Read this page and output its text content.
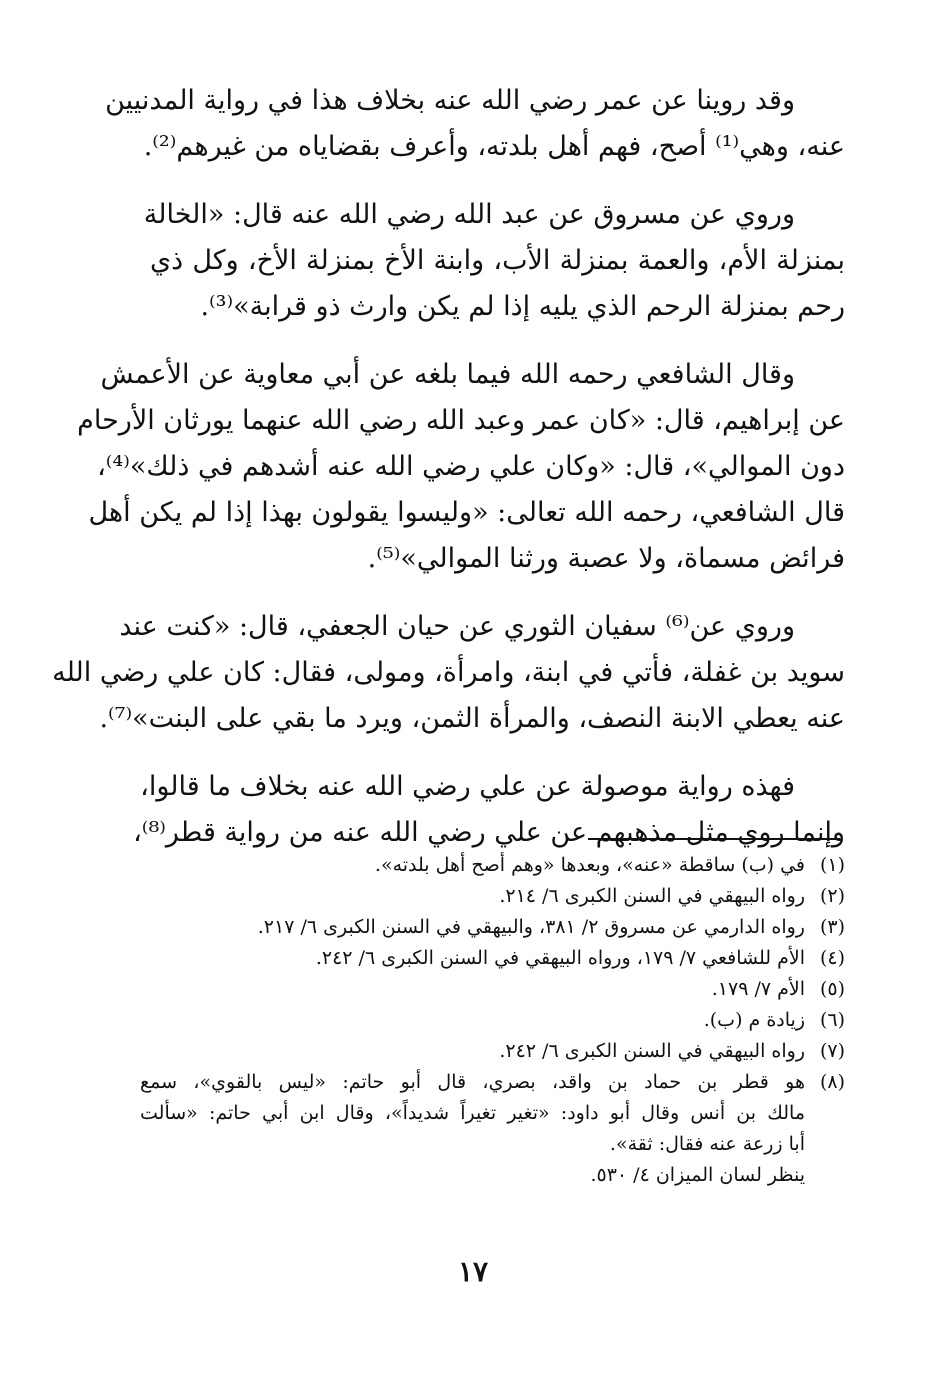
وقد روينا عن عمر رضي الله عنه بخلاف هذا في رواية المدنيين
عنه، وهي⁽¹⁾ أصح، فهم أهل بلدته، وأعرف بقضاياه من غيرهم⁽²⁾.
وروي عن مسروق عن عبد الله رضي الله عنه قال: «الخالة
بمنزلة الأم، والعمة بمنزلة الأب، وابنة الأخ بمنزلة الأخ، وكل ذي
رحم بمنزلة الرحم الذي يليه إذا لم يكن وارث ذو قرابة»⁽³⁾.
وقال الشافعي رحمه الله فيما بلغه عن أبي معاوية عن الأعمش
عن إبراهيم، قال: «كان عمر وعبد الله رضي الله عنهما يورثان الأرحام
دون الموالي»، قال: «وكان علي رضي الله عنه أشدهم في ذلك»⁽⁴⁾،
قال الشافعي، رحمه الله تعالى: «وليسوا يقولون بهذا إذا لم يكن أهل
فرائض مسماة، ولا عصبة ورثنا الموالي»⁽⁵⁾.
وروي عن⁽⁶⁾ سفيان الثوري عن حيان الجعفي، قال: «كنت عند
سويد بن غفلة، فأتي في ابنة، وامرأة، ومولى، فقال: كان علي رضي الله
عنه يعطي الابنة النصف، والمرأة الثمن، ويرد ما بقي على البنت»⁽⁷⁾.
فهذه رواية موصولة عن علي رضي الله عنه بخلاف ما قالوا،
وإنما روي مثل مذهبهم عن علي رضي الله عنه من رواية قطر⁽⁸⁾،
(١)
في (ب) ساقطة «عنه»، وبعدها «وهم أصح أهل بلدته».
(٢)
رواه البيهقي في السنن الكبرى ٦/ ٢١٤.
(٣)
رواه الدارمي عن مسروق ٢/ ٣٨١، والبيهقي في السنن الكبرى ٦/ ٢١٧.
(٤)
الأم للشافعي ٧/ ١٧٩، ورواه البيهقي في السنن الكبرى ٦/ ٢٤٢.
(٥)
الأم ٧/ ١٧٩.
(٦)
زيادة م (ب).
(٧)
رواه البيهقي في السنن الكبرى ٦/ ٢٤٢.
(٨)
هو قطر بن حماد بن واقد، بصري، قال أبو حاتم: «ليس بالقوي»، سمع
مالك بن أنس وقال أبو داود: «تغير تغيراً شديداً»، وقال ابن أبي حاتم: «سألت
أبا زرعة عنه فقال: ثقة».
ينظر لسان الميزان ٤/ ٥٣٠.
١٧
